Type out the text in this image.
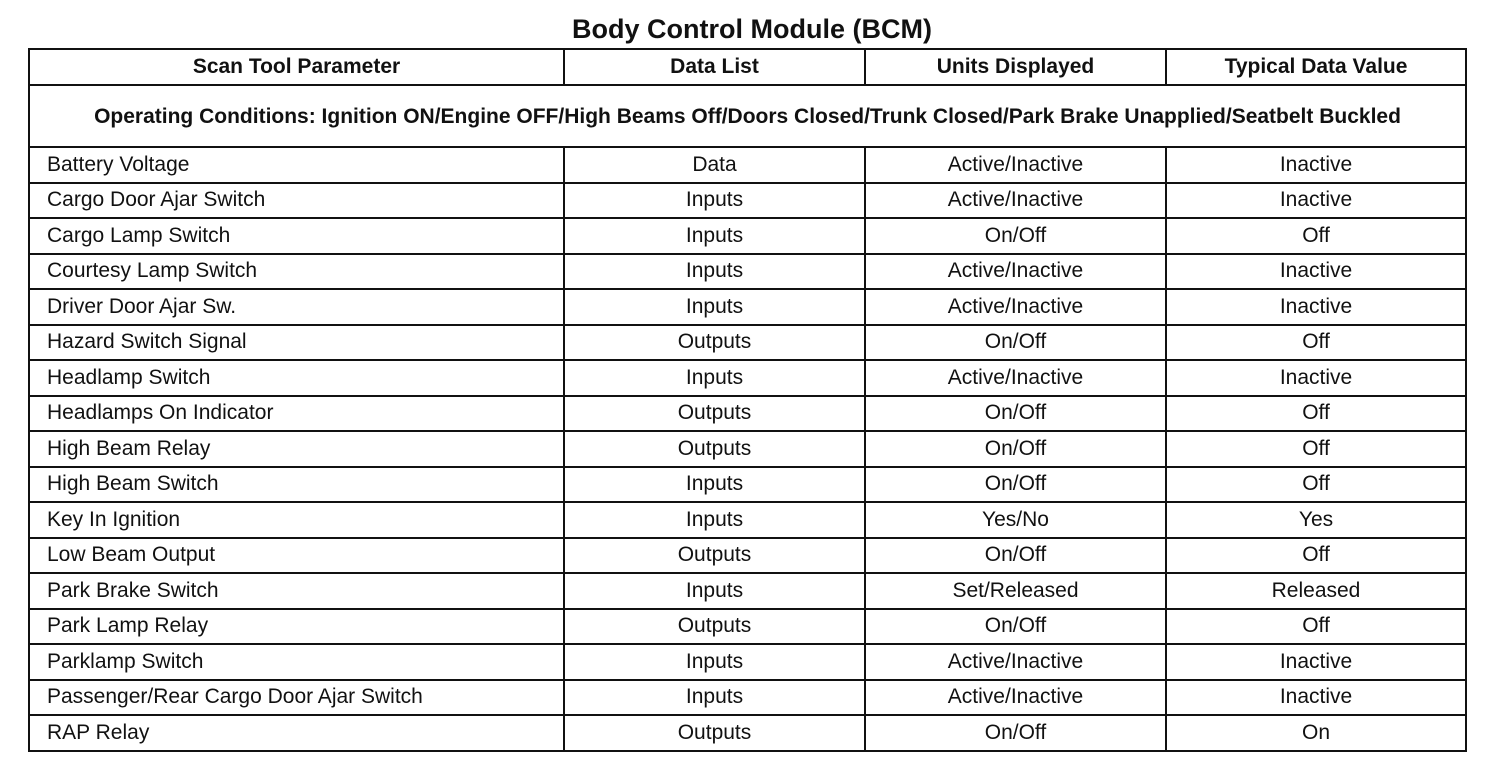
Body Control Module (BCM)
Scan Tool Parameter	Data List	Units Displayed	Typical Data Value
Operating Conditions: Ignition ON/Engine OFF/High Beams Off/Doors Closed/Trunk Closed/Park Brake Unapplied/Seatbelt Buckled			
Battery Voltage	Data	Active/Inactive	Inactive
Cargo Door Ajar Switch	Inputs	Active/Inactive	Inactive
Cargo Lamp Switch	Inputs	On/Off	Off
Courtesy Lamp Switch	Inputs	Active/Inactive	Inactive
Driver Door Ajar Sw.	Inputs	Active/Inactive	Inactive
Hazard Switch Signal	Outputs	On/Off	Off
Headlamp Switch	Inputs	Active/Inactive	Inactive
Headlamps On Indicator	Outputs	On/Off	Off
High Beam Relay	Outputs	On/Off	Off
High Beam Switch	Inputs	On/Off	Off
Key In Ignition	Inputs	Yes/No	Yes
Low Beam Output	Outputs	On/Off	Off
Park Brake Switch	Inputs	Set/Released	Released
Park Lamp Relay	Outputs	On/Off	Off
Parklamp Switch	Inputs	Active/Inactive	Inactive
Passenger/Rear Cargo Door Ajar Switch	Inputs	Active/Inactive	Inactive
RAP Relay	Outputs	On/Off	On
